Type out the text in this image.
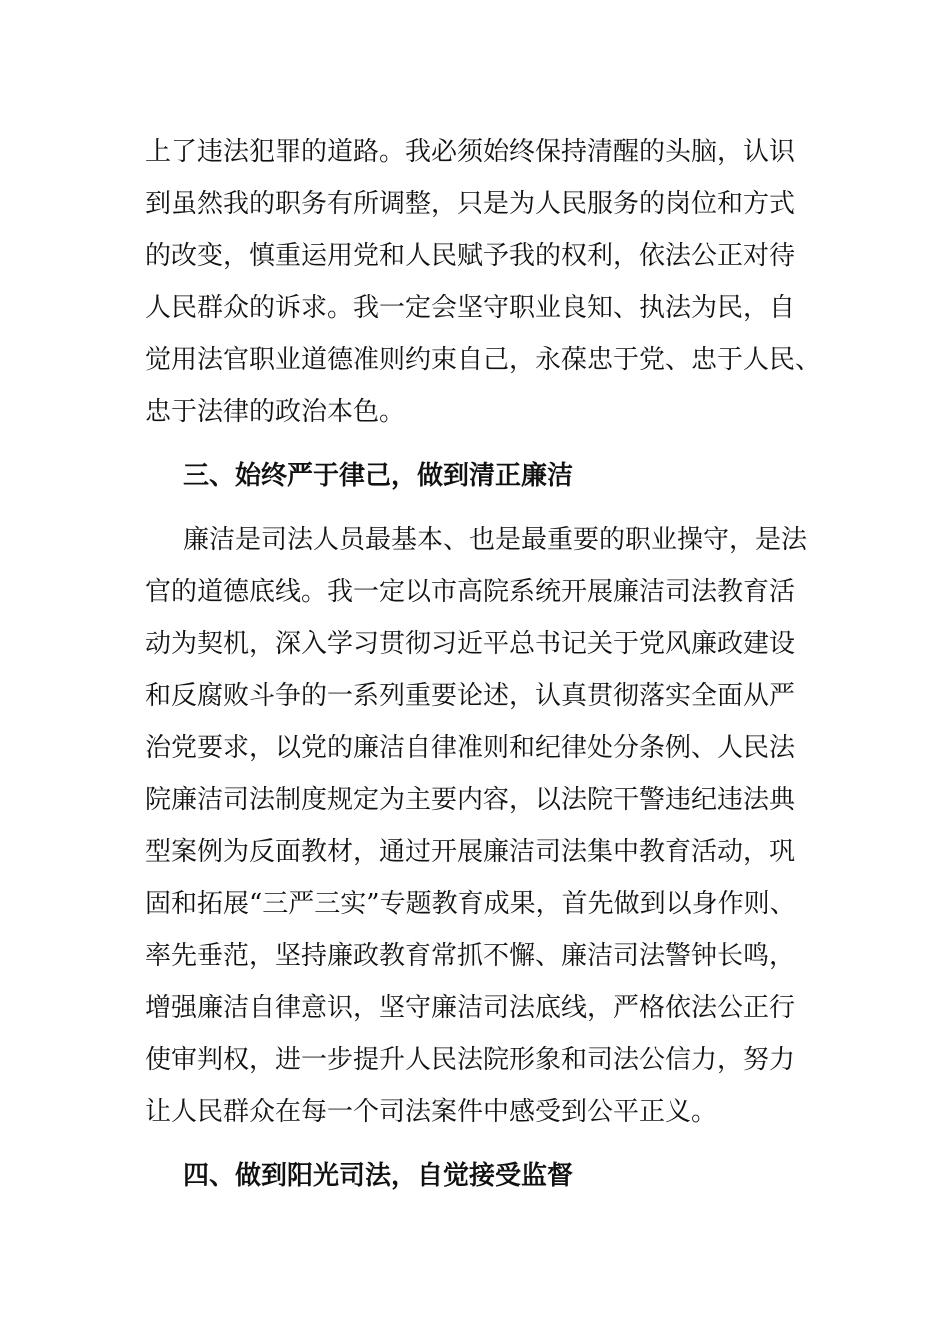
上了违法犯罪的道路。我必须始终保持清醒的头脑，认识
到虽然我的职务有所调整，只是为人民服务的岗位和方式
的改变，慎重运用党和人民赋予我的权利，依法公正对待
人民群众的诉求。我一定会坚守职业良知、执法为民，自
觉用法官职业道德准则约束自己，永葆忠于党、忠于人民、
忠于法律的政治本色。
三、始终严于律己，做到清正廉洁
廉洁是司法人员最基本、也是最重要的职业操守，是法
官的道德底线。我一定以市高院系统开展廉洁司法教育活
动为契机，深入学习贯彻习近平总书记关于党风廉政建设
和反腐败斗争的一系列重要论述，认真贯彻落实全面从严
治党要求，以党的廉洁自律准则和纪律处分条例、人民法
院廉洁司法制度规定为主要内容，以法院干警违纪违法典
型案例为反面教材，通过开展廉洁司法集中教育活动，巩
固和拓展“三严三实”专题教育成果，首先做到以身作则、
率先垂范，坚持廉政教育常抓不懈、廉洁司法警钟长鸣，
增强廉洁自律意识，坚守廉洁司法底线，严格依法公正行
使审判权，进一步提升人民法院形象和司法公信力，努力
让人民群众在每一个司法案件中感受到公平正义。
四、做到阳光司法，自觉接受监督
